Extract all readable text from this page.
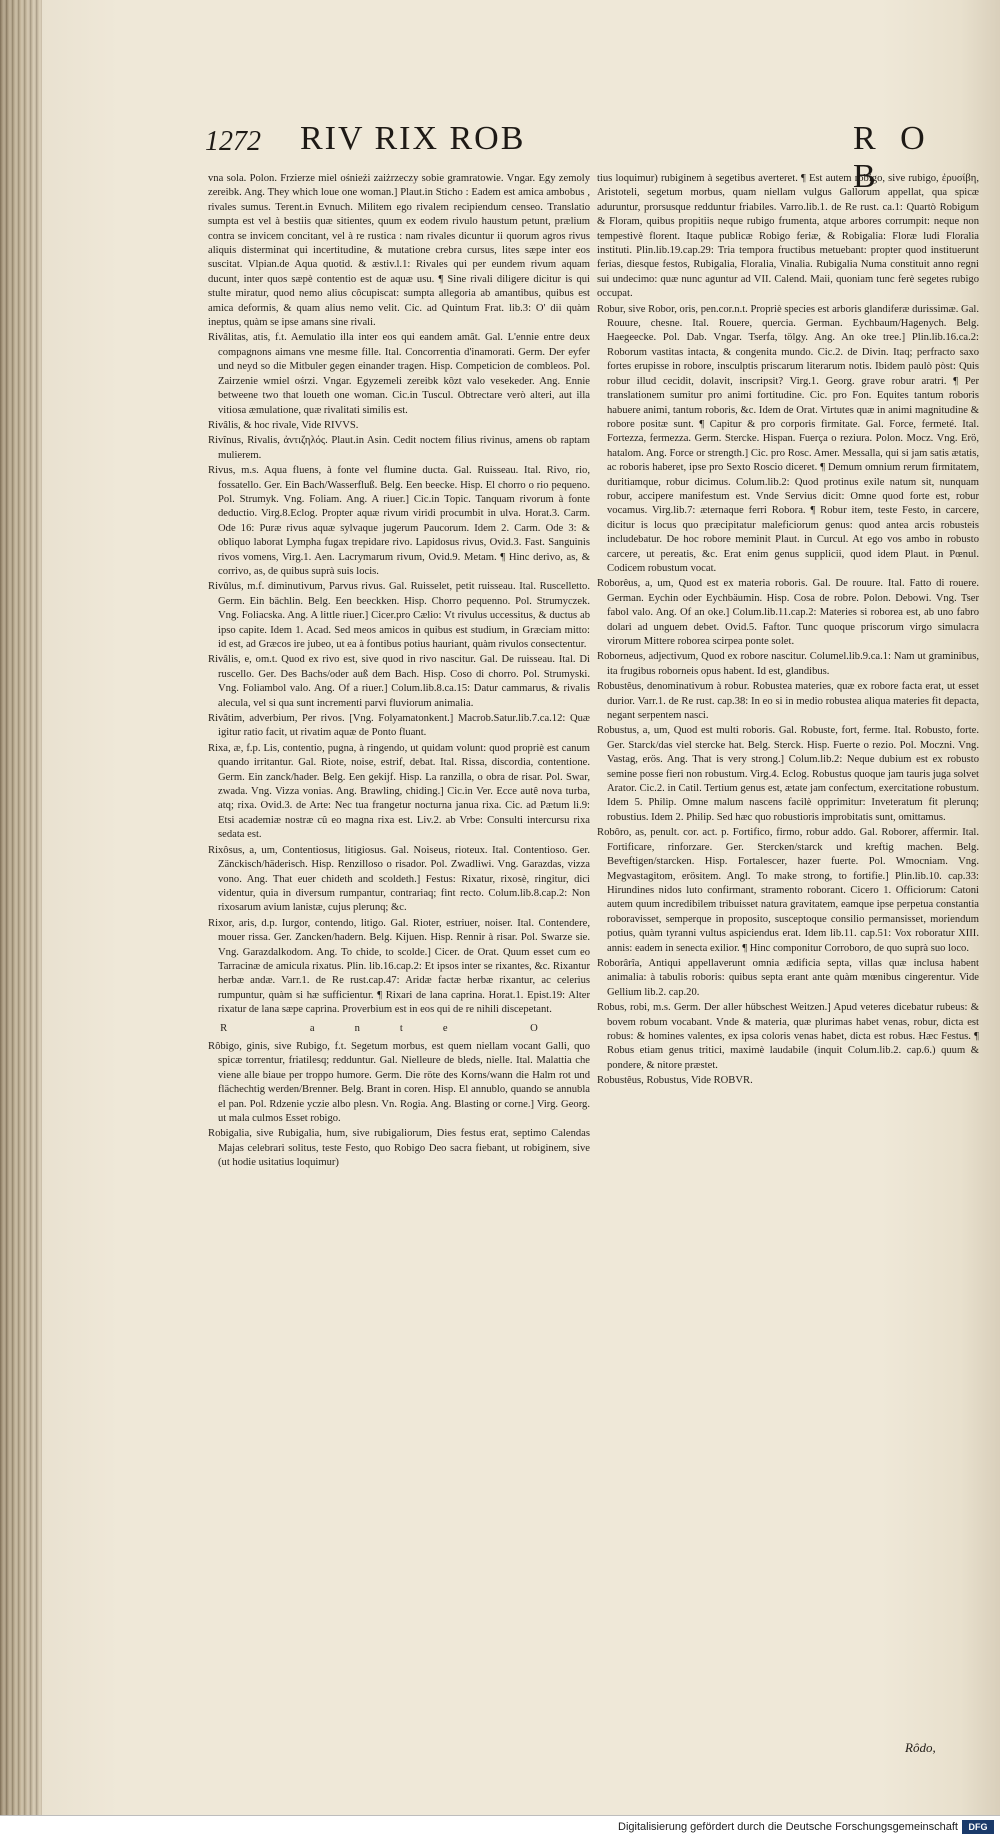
1272 RIV RIX ROB	R O B

vna sola. Polon. Frzierze miel ośnieżi zaiżrzeczy sobie gramratowie. Vngar. Egy zemoly zereibk. Ang. They which loue one woman.] Plaut.in Sticho : Eadem est amica ambobus , rivales sumus. Terent.in Evnuch. Militem ego rivalem recipiendum censeo. Translatio sumpta est vel à bestiis quæ sitientes, quum ex eodem rivulo haustum petunt, prælium contra se invicem concitant, vel à re rustica : nam rivales dicuntur ii quorum agros rivus aliquis disterminat qui incertitudine, & mutatione crebra cursus, lites sæpe inter eos suscitat. Vlpian.de Aqua quotid. & æstiv.l.1: Rivales qui per eundem rivum aquam ducunt, inter quos sæpè contentio est de aquæ usu. ¶ Sine rivali diligere dicitur is qui stulte miratur, quod nemo alius côcupiscat: sumpta allegoria ab amantibus, quibus est amica deformis, & quam alius nemo velit. Cic. ad Quintum Frat. lib.3: O' dii quàm ineptus, quàm se ipse amans sine rivali.

Rivâlitas, atis, f.t. Aemulatio illa inter eos qui eandem amât. Gal. L'ennie entre deux compagnons aimans vne mesme fille. Ital. Concorrentia d'inamorati. Germ. Der eyfer und neyd so die Mitbuler gegen einander tragen. Hisp. Competicion de combleos. Pol. Zairzenie wmiel ośrzi. Vngar. Egyzemeli zereibk kôzt valo vesekeder. Ang. Ennie betweene two that loueth one woman. Cic.in Tuscul. Obtrectare verò alteri, aut illa vitiosa æmulatione, quæ rivalitati similis est.

Rivâlis, & hoc rivale, Vide RIVVS.

Rivînus, Rivalis, ἀντιζηλός. Plaut.in Asin. Cedit noctem filius rivinus, amens ob raptam mulierem.

Rivus, m.s. Aqua fluens, à fonte vel flumine ducta. Gal. Ruisseau. Ital. Rivo, rio, fossatello. Ger. Ein Bach/Wasserfluß. Belg. Een beecke. Hisp. El chorro o rio pequeno. Pol. Strumyk. Vng. Foliam. Ang. A riuer.] Cic.in Topic. Tanquam rivorum à fonte deductio. Virg.8.Eclog. Propter aquæ rivum viridi procumbit in ulva. Horat.3. Carm. Ode 16: Puræ rivus aquæ sylvaque jugerum Paucorum. Idem 2. Carm. Ode 3: & obliquo laborat Lympha fugax trepidare rivo. Lapidosus rivus, Ovid.3. Fast. Sanguinis rivos vomens, Virg.1. Aen. Lacrymarum rivum, Ovid.9. Metam. ¶ Hinc derivo, as, & corrivo, as, de quibus suprà suis locis.

Rivûlus, m.f. diminutivum, Parvus rivus. Gal. Ruisselet, petit ruisseau. Ital. Ruscelletto. Germ. Ein bächlin. Belg. Een beeckken. Hisp. Chorro pequenno. Pol. Strumyczek. Vng. Foliacska. Ang. A little riuer.] Cicer.pro Cælio: Vt rivulus uccessitus, & ductus ab ipso capite. Idem 1. Acad. Sed meos amicos in quibus est studium, in Græciam mitto: id est, ad Græcos ire jubeo, ut ea à fontibus potius hauriant, quàm rivulos consectentur.

Rivâlis, e, om.t. Quod ex rivo est, sive quod in rivo nascitur. Gal. De ruisseau. Ital. Di ruscello. Ger. Des Bachs/oder auß dem Bach. Hisp. Coso di chorro. Pol. Strumyski. Vng. Foliambol valo. Ang. Of a riuer.] Colum.lib.8.ca.15: Datur cammarus, & rivalis alecula, vel si qua sunt incrementi parvi fluviorum animalia.

Rivâtim, adverbium, Per rivos. [Vng. Folyamatonkent.] Macrob.Satur.lib.7.ca.12: Quæ igitur ratio facit, ut rivatim aquæ de Ponto fluant.

Rixa, æ, f.p. Lis, contentio, pugna, à ringendo, ut quidam volunt: quod propriè est canum quando irritantur. Gal. Riote, noise, estrif, debat. Ital. Rissa, discordia, contentione. Germ. Ein zanck/hader. Belg. Een gekijf. Hisp. La ranzilla, o obra de risar. Pol. Swar, zwada. Vng. Vizza vonias. Ang. Brawling, chiding.] Cic.in Ver. Ecce autê nova turba, atq; rixa. Ovid.3. de Arte: Nec tua frangetur nocturna janua rixa. Cic. ad Pætum li.9: Etsi academiæ nostræ cû eo magna rixa est. Liv.2. ab Vrbe: Consulti intercursu rixa sedata est.

Rixôsus, a, um, Contentiosus, litigiosus. Gal. Noiseus, rioteux. Ital. Contentioso. Ger. Zänckisch/häderisch. Hisp. Renzilloso o risador. Pol. Zwadliwi. Vng. Garazdas, vizza vono. Ang. That euer chideth and scoldeth.] Festus: Rixatur, rixosè, ringitur, dici videntur, quia in diversum rumpantur, contrariaq; fint recto. Colum.lib.8.cap.2: Non rixosarum avium lanistæ, cujus plerunq; &c.

Rixor, aris, d.p. Iurgor, contendo, litigo. Gal. Rioter, estriuer, noiser. Ital. Contendere, mouer rissa. Ger. Zancken/hadern. Belg. Kijuen. Hisp. Rennir à risar. Pol. Swarze sie. Vng. Garazdalkodom. Ang. To chide, to scolde.] Cicer. de Orat. Quum esset cum eo Tarracinæ de amicula rixatus. Plin. lib.16.cap.2: Et ipsos inter se rixantes, &c. Rixantur herbæ andæ. Varr.1. de Re rust.cap.47: Aridæ factæ herbæ rixantur, ac celerius rumpuntur, quàm si hæ sufficientur. ¶ Rixari de lana caprina. Horat.1. Epist.19: Alter rixatur de lana sæpe caprina. Proverbium est in eos qui de re nihili discepetant.

R ante O

Rôbigo, ginis, sive Rubigo, f.t. Segetum morbus, est quem niellam vocant Galli, quo spicæ torrentur, friatilesq; redduntur. Gal. Nielleure de bleds, nielle. Ital. Malattia che viene alle biaue per troppo humore. Germ. Die röte des Korns/wann die Halm rot und flächechtig werden/Brenner. Belg. Brant in coren. Hisp. El annublo, quando se annubla el pan. Pol. Rdzenie yczie albo plesn. Vn. Rogia. Ang. Blasting or corne.] Virg. Georg. ut mala culmos Esset robigo.

Robigalia, sive Rubigalia, hum, sive rubigaliorum, Dies festus erat, septimo Calendas Majas celebrari solitus, teste Festo, quo Robigo Deo sacra fiebant, ut robiginem, sive (ut hodie usitatius loquimur)

tius loquimur) rubiginem à segetibus averteret. ¶ Est autem robigo, sive rubigo, ἐρυσίβη, Aristoteli, segetum morbus, quam niellam vulgus Gallorum appellat, qua spicæ aduruntur, prorsusque redduntur friabiles. Varro.lib.1. de Re rust. ca.1: Quartò Robigum & Floram, quibus propitiis neque rubigo frumenta, atque arbores corrumpit: neque non tempestivè florent. Itaque publicæ Robigo feriæ, & Robigalia: Floræ ludi Floralia instituti. Plin.lib.19.cap.29: Tria tempora fructibus metuebant: propter quod instituerunt ferias, diesque festos, Rubigalia, Floralia, Vinalia. Rubigalia Numa constituit anno regni sui undecimo: quæ nunc aguntur ad VII. Calend. Maii, quoniam tunc ferè segetes rubigo occupat.

Robur, sive Robor, oris, pen.cor.n.t. Propriè species est arboris glandiferæ durissimæ. Gal. Rouure, chesne. Ital. Rouere, quercia. German. Eychbaum/Hagenych. Belg. Haegeecke. Pol. Dab. Vngar. Tserfa, tölgy. Ang. An oke tree.] Plin.lib.16.ca.2: Roborum vastitas intacta, & congenita mundo. Cic.2. de Divin. Itaq; perfracto saxo fortes erupisse in robore, insculptis priscarum literarum notis. Ibidem paulò pòst: Quis robur illud cecidit, dolavit, inscripsit? Virg.1. Georg. grave robur aratri. ¶ Per translationem sumitur pro animi fortitudine. Cic. pro Fon. Equites tantum roboris habuere animi, tantum roboris, &c. Idem de Orat. Virtutes quæ in animi magnitudine & robore positæ sunt. ¶ Capitur & pro corporis firmitate. Gal. Force, fermeté. Ital. Fortezza, fermezza. Germ. Stercke. Hispan. Fuerça o reziura. Polon. Mocz. Vng. Erö, hatalom. Ang. Force or strength.] Cic. pro Rosc. Amer. Messalla, qui si jam satis ætatis, ac roboris haberet, ipse pro Sexto Roscio diceret. ¶ Demum omnium rerum firmitatem, duritiamque, robur dicimus. Colum.lib.2: Quod protinus exile natum sit, nunquam robur, accipere manifestum est. Vnde Servius dicit: Omne quod forte est, robur vocamus. Virg.lib.7: æternaque ferri Robora. ¶ Robur item, teste Festo, in carcere, dicitur is locus quo præcipitatur maleficiorum genus: quod antea arcis robusteis includebatur. De hoc robore meminit Plaut. in Curcul. At ego vos ambo in robusto carcere, ut pereatis, &c. Erat enim genus supplicii, quod idem Plaut. in Pœnul. Codicem robustum vocat.

Roborêus, a, um, Quod est ex materia roboris. Gal. De rouure. Ital. Fatto di rouere. German. Eychin oder Eychbäumin. Hisp. Cosa de robre. Polon. Debowi. Vng. Tser fabol valo. Ang. Of an oke.] Colum.lib.11.cap.2: Materies si roborea est, ab uno fabro dolari ad unguem debet. Ovid.5. Faftor. Tunc quoque priscorum virgo simulacra virorum Mittere roborea scirpea ponte solet.

Roborneus, adjectivum, Quod ex robore nascitur. Columel.lib.9.ca.1: Nam ut graminibus, ita frugibus roborneis opus habent. Id est, glandibus.

Robustêus, denominativum à robur. Robustea materies, quæ ex robore facta erat, ut esset durior. Varr.1. de Re rust. cap.38: In eo si in medio robustea aliqua materies fit depacta, negant serpentem nasci.

Robustus, a, um, Quod est multi roboris. Gal. Robuste, fort, ferme. Ital. Robusto, forte. Ger. Starck/das viel stercke hat. Belg. Sterck. Hisp. Fuerte o rezio. Pol. Moczni. Vng. Vastag, erös. Ang. That is very strong.] Colum.lib.2: Neque dubium est ex robusto semine posse fieri non robustum. Virg.4. Eclog. Robustus quoque jam tauris juga solvet Arator. Cic.2. in Catil. Tertium genus est, ætate jam confectum, exercitatione robustum. Idem 5. Philip. Omne malum nascens facilè opprimitur: Inveteratum fit plerunq; robustius. Idem 2. Philip. Sed hæc quo robustioris improbitatis sunt, omittamus.

Robôro, as, penult. cor. act. p. Fortifico, firmo, robur addo. Gal. Roborer, affermir. Ital. Fortificare, rinforzare. Ger. Stercken/starck und kreftig machen. Belg. Beveftigen/starcken. Hisp. Fortalescer, hazer fuerte. Pol. Wmocniam. Vng. Megvastagitom, erösitem. Angl. To make strong, to fortifie.] Plin.lib.10. cap.33: Hirundines nidos luto confirmant, stramento roborant. Cicero 1. Officiorum: Catoni autem quum incredibilem tribuisset natura gravitatem, eamque ipse perpetua constantia roboravisset, semperque in proposito, susceptoque consilio permansisset, moriendum potius, quàm tyranni vultus aspiciendus erat. Idem lib.11. cap.51: Vox roboratur XIII. annis: eadem in senecta exilior. ¶ Hinc componitur Corroboro, de quo suprà suo loco.

Roborârîa, Antiqui appellaverunt omnia ædificia septa, villas quæ inclusa habent animalia: à tabulis roboris: quibus septa erant ante quàm mœnibus cingerentur. Vide Gellium lib.2. cap.20.

Robus, robi, m.s. Germ. Der aller hübschest Weitzen.] Apud veteres dicebatur rubeus: & bovem robum vocabant. Vnde & materia, quæ plurimas habet venas, robur, dicta est robus: & homines valentes, ex ipsa coloris venas habet, dicta est robus. Hæc Festus. ¶ Robus etiam genus tritici, maximè laudabile (inquit Colum.lib.2. cap.6.) quum & pondere, & nitore præstet.

Robustêus, Robustus, Vide ROBVR.

Rôdo,
Digitalisierung gefördert durch die Deutsche Forschungsgemeinschaft	DFG
